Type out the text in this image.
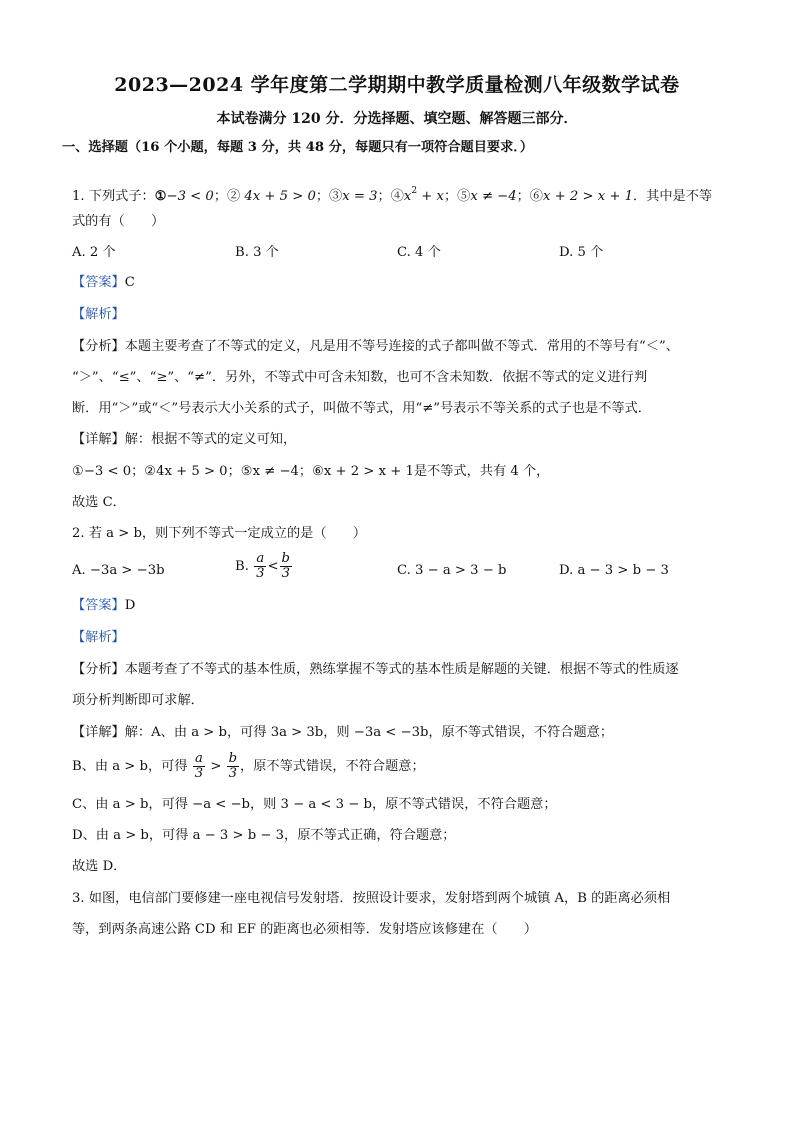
2023—2024 学年度第二学期期中教学质量检测八年级数学试卷
本试卷满分 120 分．分选择题、填空题、解答题三部分．
一、选择题（16 个小题，每题 3 分，共 48 分，每题只有一项符合题目要求．）
1. 下列式子：①−3 < 0；② 4x + 5 > 0；③x = 3；$④x^2 + x$；⑤x ≠ −4；⑥x + 2 > x + 1．其中是不等
式的有（　　）
A. 2 个	B. 3 个	C. 4 个	D. 5 个
【答案】C
【解析】
【分析】本题主要考查了不等式的定义，凡是用不等号连接的式子都叫做不等式．常用的不等号有“＜”、
“＞”、“≤”、“≥”、“≠”．另外，不等式中可含未知数，也可不含未知数．依据不等式的定义进行判
断．用“＞”或“＜”号表示大小关系的式子，叫做不等式，用“≠”号表示不等关系的式子也是不等式．
【详解】解：根据不等式的定义可知，
①−3 < 0；②4x + 5 > 0；⑤x ≠ −4；⑥x + 2 > x + 1是不等式，共有 4 个，
故选 C．
2. 若 a > b，则下列不等式一定成立的是（　　）
A. −3a > −3b	B. $\frac{a}{3} < \frac{b}{3}$	C. 3 − a > 3 − b	D. a − 3 > b − 3
【答案】D
【解析】
【分析】本题考查了不等式的基本性质，熟练掌握不等式的基本性质是解题的关键．根据不等式的性质逐
项分析判断即可求解．
【详解】解：A、由 a > b，可得 3a > 3b，则 −3a < −3b，原不等式错误，不符合题意；
B、由 a > b，可得 $\frac{a}{3} > \frac{b}{3}$ ，原不等式错误，不符合题意；
C、由 a > b，可得 −a < −b，则 3 − a < 3 − b，原不等式错误，不符合题意；
D、由 a > b，可得 a − 3 > b − 3，原不等式正确，符合题意；
故选 D．
3. 如图，电信部门要修建一座电视信号发射塔．按照设计要求，发射塔到两个城镇 A，B 的距离必须相
等，到两条高速公路 CD 和 EF 的距离也必须相等．发射塔应该修建在（　　）
